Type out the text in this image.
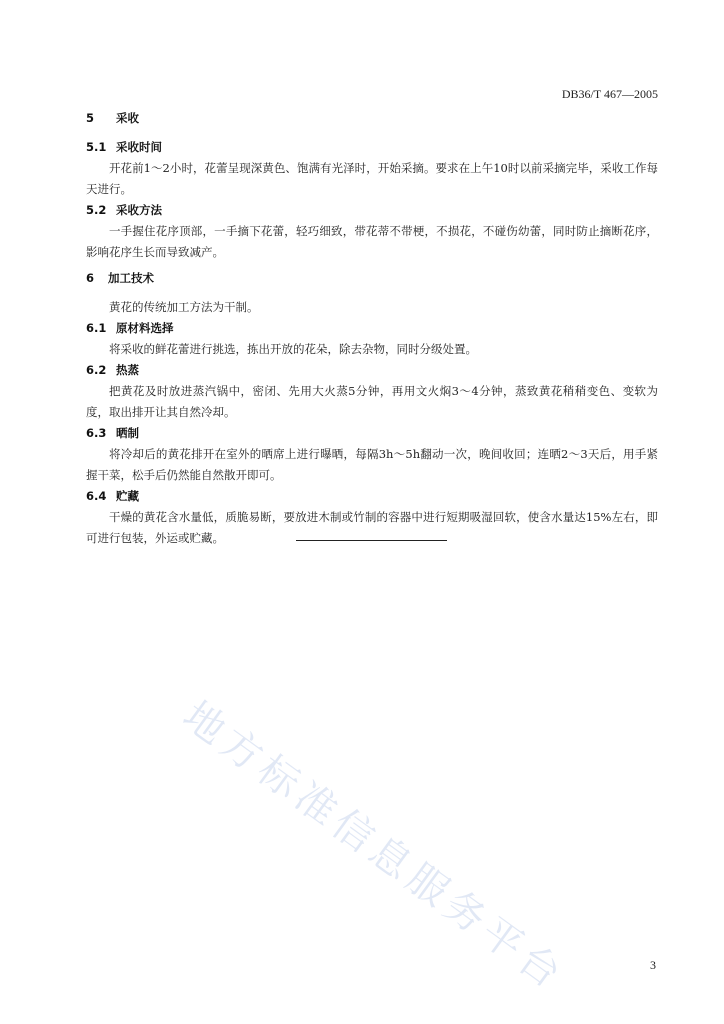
DB36/T 467—2005
5 采收
5.1 采收时间
开花前1～2小时，花蕾呈现深黄色、饱满有光泽时，开始采摘。要求在上午10时以前采摘完毕，采收工作每天进行。
5.2 采收方法
一手握住花序顶部，一手摘下花蕾，轻巧细致，带花蒂不带梗，不损花，不碰伤幼蕾，同时防止摘断花序，影响花序生长而导致减产。
6 加工技术
黄花的传统加工方法为干制。
6.1 原材料选择
将采收的鲜花蕾进行挑选，拣出开放的花朵，除去杂物，同时分级处置。
6.2 热蒸
把黄花及时放进蒸汽锅中，密闭、先用大火蒸5分钟，再用文火焖3～4分钟，蒸致黄花稍稍变色、变软为度，取出排开让其自然冷却。
6.3 晒制
将冷却后的黄花排开在室外的晒席上进行曝晒，每隔3h～5h翻动一次，晚间收回；连晒2～3天后，用手紧握干菜，松手后仍然能自然散开即可。
6.4 贮藏
干燥的黄花含水量低，质脆易断，要放进木制或竹制的容器中进行短期吸湿回软，使含水量达15%左右，即可进行包装，外运或贮藏。
地方标准信息服务平台	3
